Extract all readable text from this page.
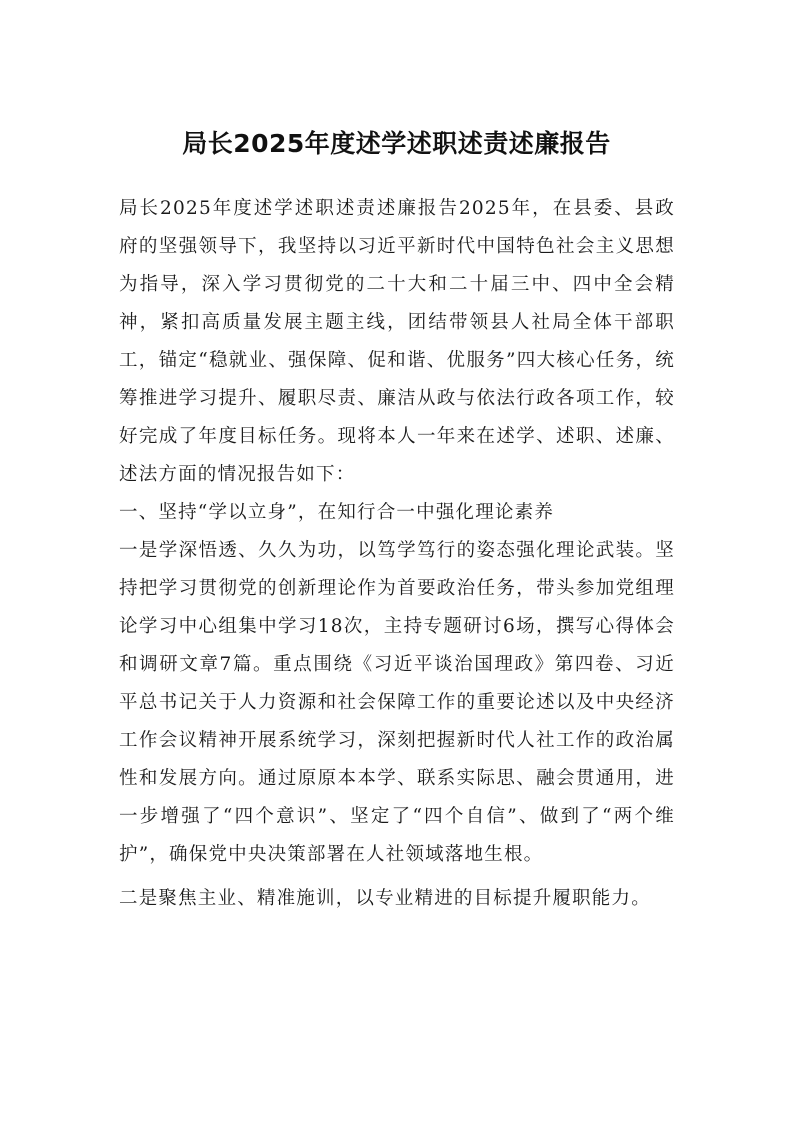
局长2025年度述学述职述责述廉报告

局长2025年度述学述职述责述廉报告2025年，在县委、县政府的坚强领导下，我坚持以习近平新时代中国特色社会主义思想为指导，深入学习贯彻党的二十大和二十届三中、四中全会精神，紧扣高质量发展主题主线，团结带领县人社局全体干部职工，锚定“稳就业、强保障、促和谐、优服务”四大核心任务，统筹推进学习提升、履职尽责、廉洁从政与依法行政各项工作，较好完成了年度目标任务。现将本人一年来在述学、述职、述廉、述法方面的情况报告如下：

一、坚持“学以立身”，在知行合一中强化理论素养

一是学深悟透、久久为功，以笃学笃行的姿态强化理论武装。坚持把学习贯彻党的创新理论作为首要政治任务，带头参加党组理论学习中心组集中学习18次，主持专题研讨6场，撰写心得体会和调研文章7篇。重点围绕《习近平谈治国理政》第四卷、习近平总书记关于人力资源和社会保障工作的重要论述以及中央经济工作会议精神开展系统学习，深刻把握新时代人社工作的政治属性和发展方向。通过原原本本学、联系实际思、融会贯通用，进一步增强了“四个意识”、坚定了“四个自信”、做到了“两个维护”，确保党中央决策部署在人社领域落地生根。

二是聚焦主业、精准施训，以专业精进的目标提升履职能力。
